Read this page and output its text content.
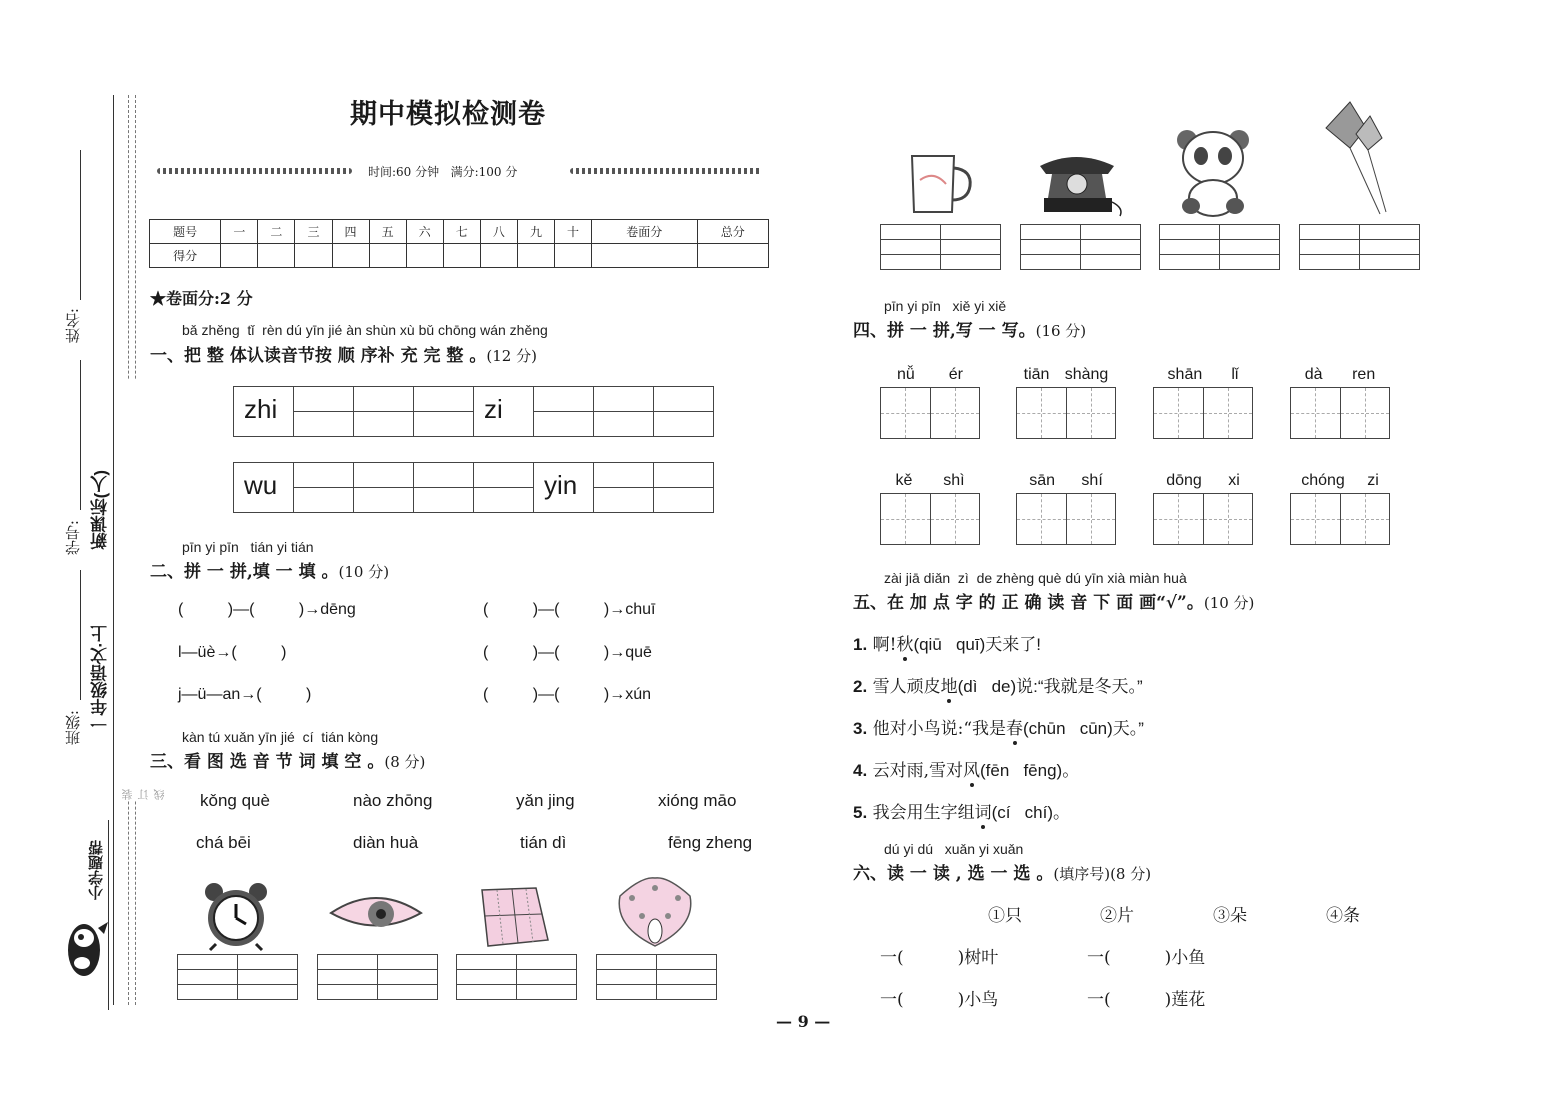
装 订 线
姓名:
学号:
班级:
新课标(人)
一年级语文·上
小学题帮
期中模拟检测卷
时间:60 分钟   满分:100 分
题号	一	二	三	四	五	六	七	八	九	十	卷面分	总分
得分												
★卷面分:2 分
bǎ zhěng  tǐ  rèn dú yīn jié àn shùn xù bǔ chōng wán zhěng
一、把 整 体认读音节按 顺 序补 充 完 整 。(12 分)
zhi				zi			

wu					yin		

pīn yi pīn   tián yi tián
二、拼 一 拼,填 一 填 。(10 分)
(          )—(          )→dēng	(          )—(          )→chuī
l—üè→(          )	(          )—(          )→quē
j—ü—an→(          )	(          )—(          )→xún
kàn tú xuǎn yīn jié  cí  tián kòng
三、看 图 选 音 节 词 填 空 。(8 分)
kǒng què	nào zhōng	yǎn jing	xióng māo
chá bēi	diàn huà	tián dì	fēng zheng

pīn yi pīn   xiě yi xiě
四、拼 一 拼,写 一 写。(16 分)
nǚ ér	tiān shàng	shān lǐ	dà ren
kě shì	sān shí	dōng xi	chóng zi
zài jiā diǎn  zì  de zhèng què dú yīn xià miàn huà
五、在 加 点 字 的 正 确 读 音 下 面 画“√”。(10 分)
1. 啊!秋(qiū   quī)天来了!
2. 雪人顽皮地(dì   de)说:“我就是冬天。”
3. 他对小鸟说:“我是春(chūn   cūn)天。”
4. 云对雨,雪对风(fēn   fēng)。
5. 我会用生字组词(cí   chí)。
dú yi dú   xuǎn yi xuǎn
六、读 一 读 , 选 一 选 。(填序号)(8 分)
①只	②片	③朵	④条
一(          )树叶	一(          )小鱼
一(          )小鸟	一(          )莲花
— 9 —
